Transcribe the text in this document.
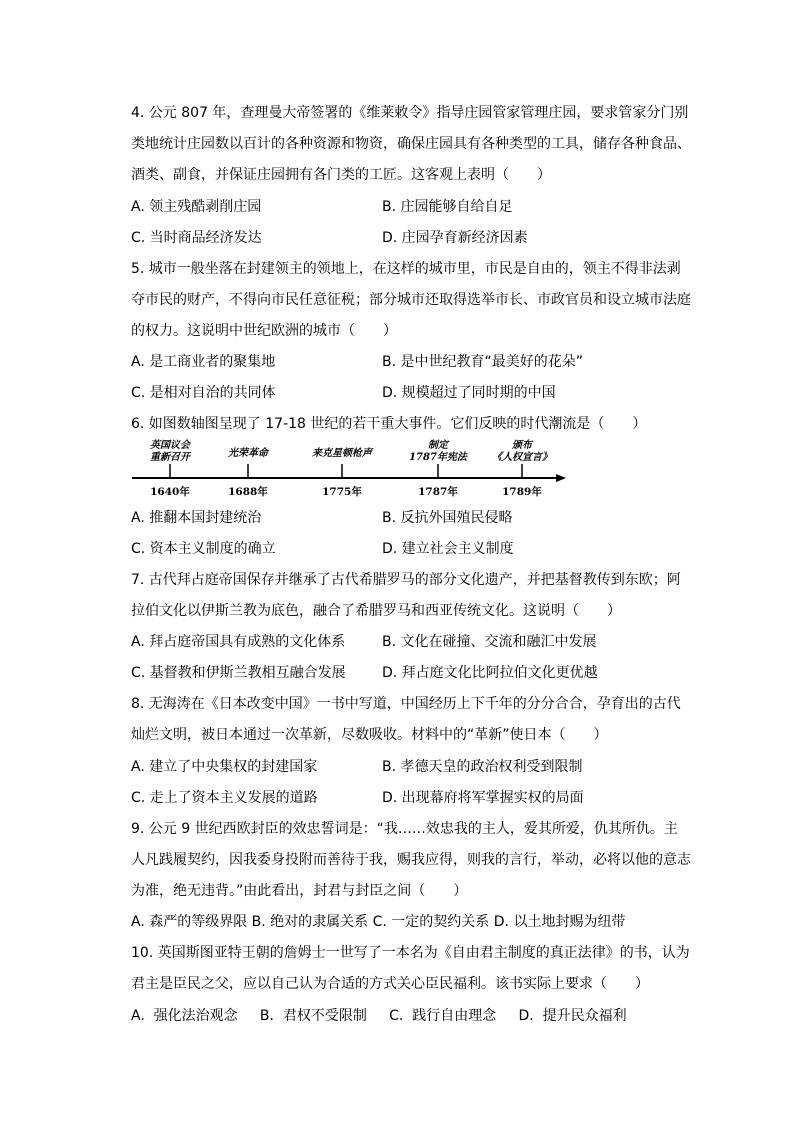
4. 公元 807 年，查理曼大帝签署的《维莱敕令》指导庄园管家管理庄园，要求管家分门别类地统计庄园数以百计的各种资源和物资，确保庄园具有各种类型的工具，储存各种食品、酒类、副食，并保证庄园拥有各门类的工匠。这客观上表明（　　）

A. 领主残酷剥削庄园	B. 庄园能够自给自足
C. 当时商品经济发达	D. 庄园孕育新经济因素

5. 城市一般坐落在封建领主的领地上，在这样的城市里，市民是自由的，领主不得非法剥夺市民的财产，不得向市民任意征税；部分城市还取得选举市长、市政官员和设立城市法庭的权力。这说明中世纪欧洲的城市（　　）

A. 是工商业者的聚集地	B. 是中世纪教育“最美好的花朵”
C. 是相对自治的共同体	D. 规模超过了同时期的中国
6. 如图数轴图呈现了 17-18 世纪的若干重大事件。它们反映的时代潮流是（　　）
英国议会
重新召开	光荣革命	来克星顿枪声
制定
1787年宪法
颁布
《人权宣言》
1640年	1688年	1775年	1787年	1789年
A. 推翻本国封建统治	B. 反抗外国殖民侵略
C. 资本主义制度的确立	D. 建立社会主义制度

7. 古代拜占庭帝国保存并继承了古代希腊罗马的部分文化遗产，并把基督教传到东欧；阿拉伯文化以伊斯兰教为底色，融合了希腊罗马和西亚传统文化。这说明（　　）

A. 拜占庭帝国具有成熟的文化体系	B. 文化在碰撞、交流和融汇中发展
C. 基督教和伊斯兰教相互融合发展	D. 拜占庭文化比阿拉伯文化更优越

8. 无海涛在《日本改变中国》一书中写道，中国经历上下千年的分分合合，孕育出的古代灿烂文明，被日本通过一次革新，尽数吸收。材料中的“革新”使日本（　　）

A. 建立了中央集权的封建国家	B. 孝德天皇的政治权利受到限制
C. 走上了资本主义发展的道路	D. 出现幕府将军掌握实权的局面

9. 公元 9 世纪西欧封臣的效忠誓词是：“我……效忠我的主人，爱其所爱，仇其所仇。主人凡践履契约，因我委身投附而善待于我，赐我应得，则我的言行，举动，必将以他的意志为准，绝无违背。”由此看出，封君与封臣之间（　　）

A. 森严的等级界限 B. 绝对的隶属关系 C. 一定的契约关系 D. 以土地封赐为纽带

10. 英国斯图亚特王朝的詹姆士一世写了一本名为《自由君主制度的真正法律》的书，认为君主是臣民之父，应以自己认为合适的方式关心臣民福利。该书实际上要求（　　）

A.  强化法治观念     B.  君权不受限制     C.  践行自由理念     D.  提升民众福利
